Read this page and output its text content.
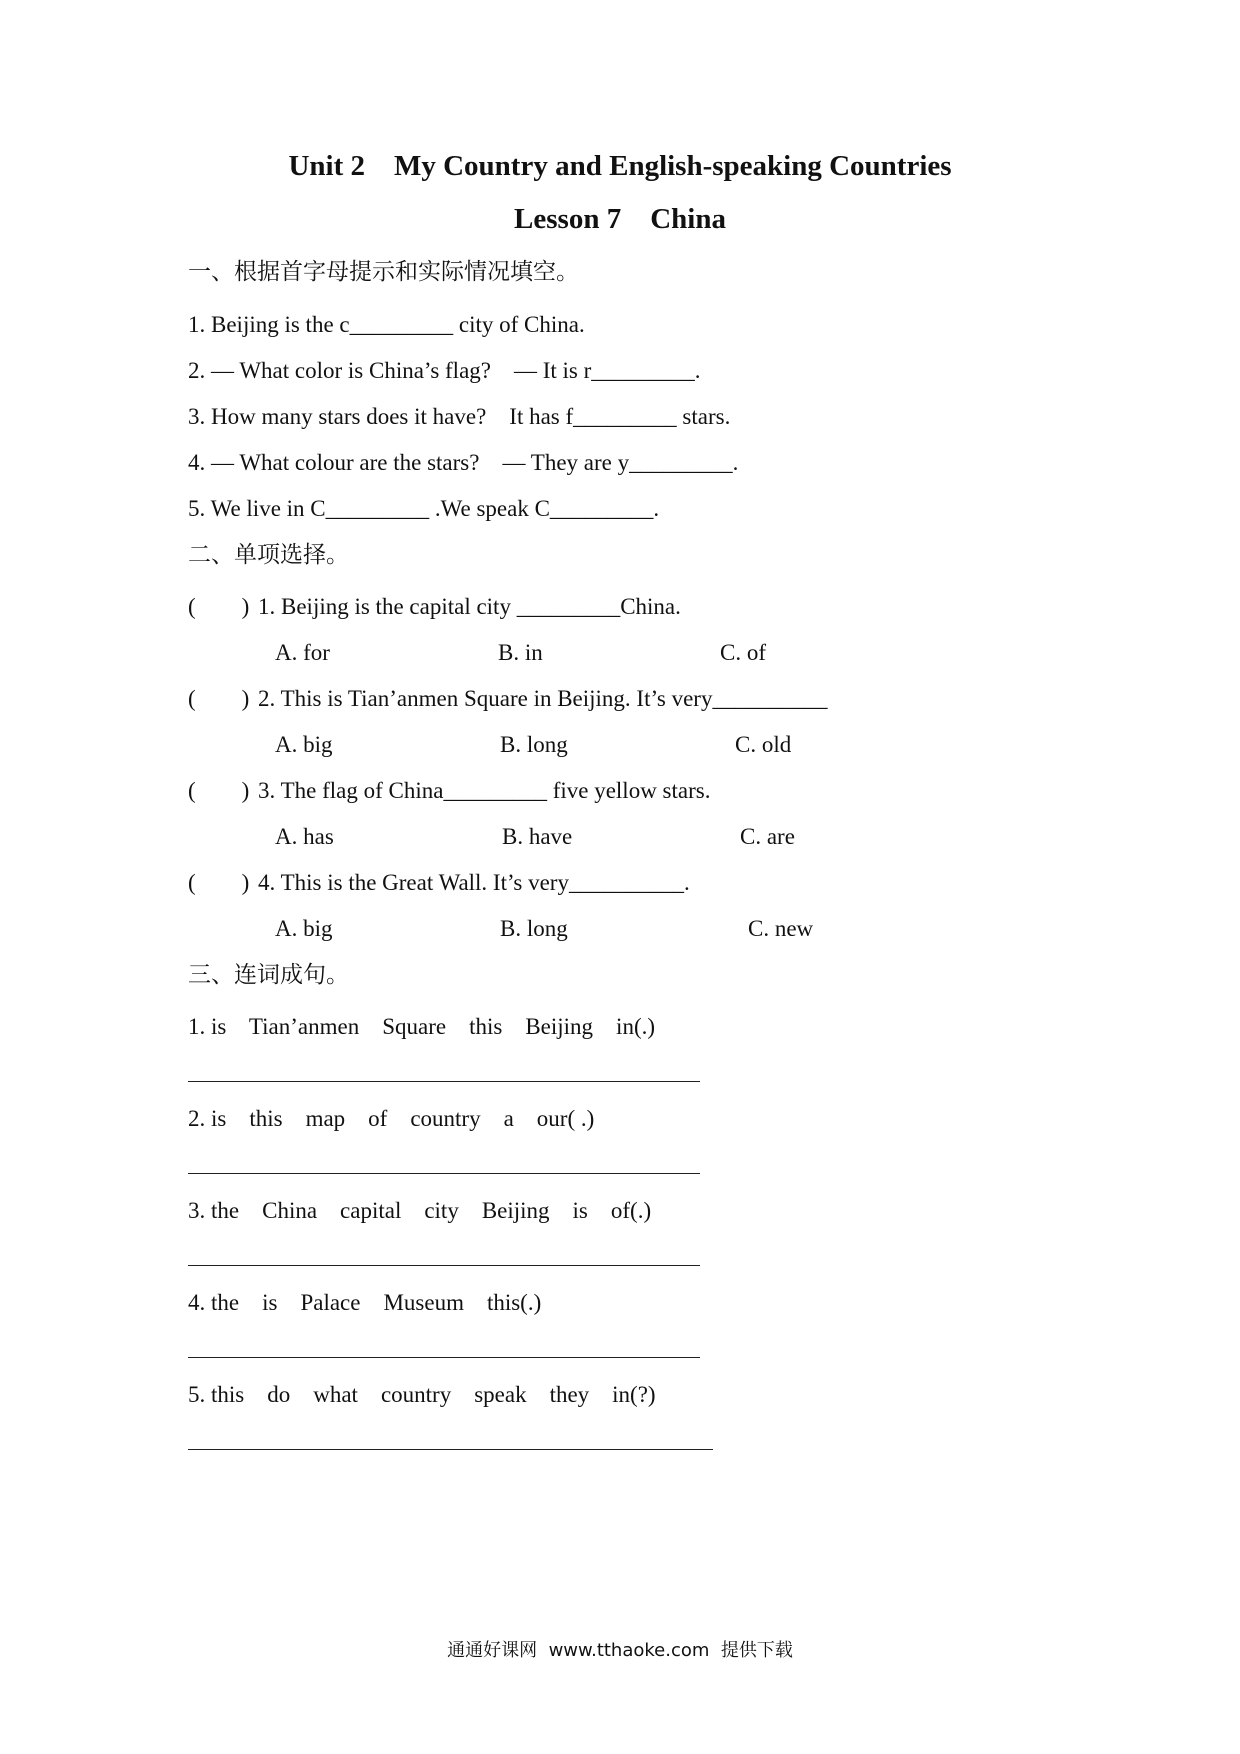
Unit 2    My Country and English-speaking Countries
Lesson 7    China
一、根据首字母提示和实际情况填空。
1. Beijing is the c_________ city of China.
2. — What color is China’s flag?    — It is r_________.
3. How many stars does it have?    It has f_________ stars.
4. — What colour are the stars?    — They are y_________.
5. We live in C_________ .We speak C_________.
二、单项选择。
(        ) 1. Beijing is the capital city _________China.
A. for	B. in	C. of
(        ) 2. This is Tian’anmen Square in Beijing. It’s very__________
A. big	B. long	C. old
(        ) 3. The flag of China_________ five yellow stars.
A. has	B. have	C. are
(        ) 4. This is the Great Wall. It’s very__________.
A. big	B. long	C. new
三、连词成句。
1. is    Tian’anmen    Square    this    Beijing    in(.)
2. is    this    map    of    country    a    our( .)
3. the    China    capital    city    Beijing    is    of(.)
4. the    is    Palace    Museum    this(.)
5. this    do    what    country    speak    they    in(?)
通通好课网  www.tthaoke.com  提供下载
